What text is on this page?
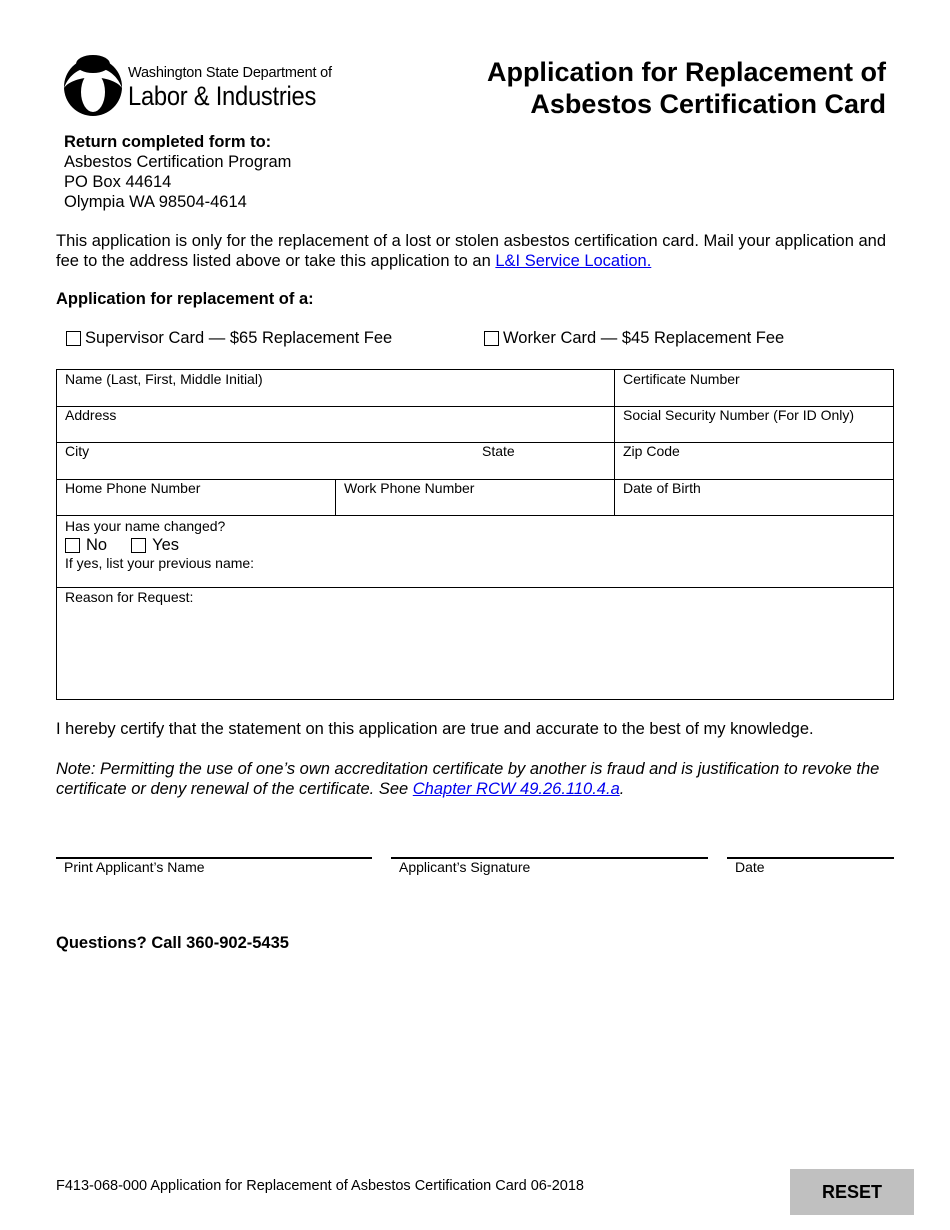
Washington State Department of
Labor & Industries
Application for Replacement of
Asbestos Certification Card
Return completed form to:
Asbestos Certification Program
PO Box 44614
Olympia WA 98504-4614
This application is only for the replacement of a lost or stolen asbestos certification card. Mail your application and fee to the address listed above or take this application to an L&I Service Location.
Application for replacement of a:
Supervisor Card — $65 Replacement Fee	Worker Card — $45 Replacement Fee
Name (Last, First, Middle Initial)	Certificate Number
Address	Social Security Number (For ID Only)
City	State	Zip Code
Home Phone Number	Work Phone Number	Date of Birth
Has your name changed?
No	Yes
If yes, list your previous name:
Reason for Request:
I hereby certify that the statement on this application are true and accurate to the best of my knowledge.
Note: Permitting the use of one’s own accreditation certificate by another is fraud and is justification to revoke the certificate or deny renewal of the certificate. See Chapter RCW 49.26.110.4.a.
Print Applicant’s Name	Applicant’s Signature	Date
Questions? Call 360-902-5435
F413-068-000 Application for Replacement of Asbestos Certification Card 06-2018	RESET
